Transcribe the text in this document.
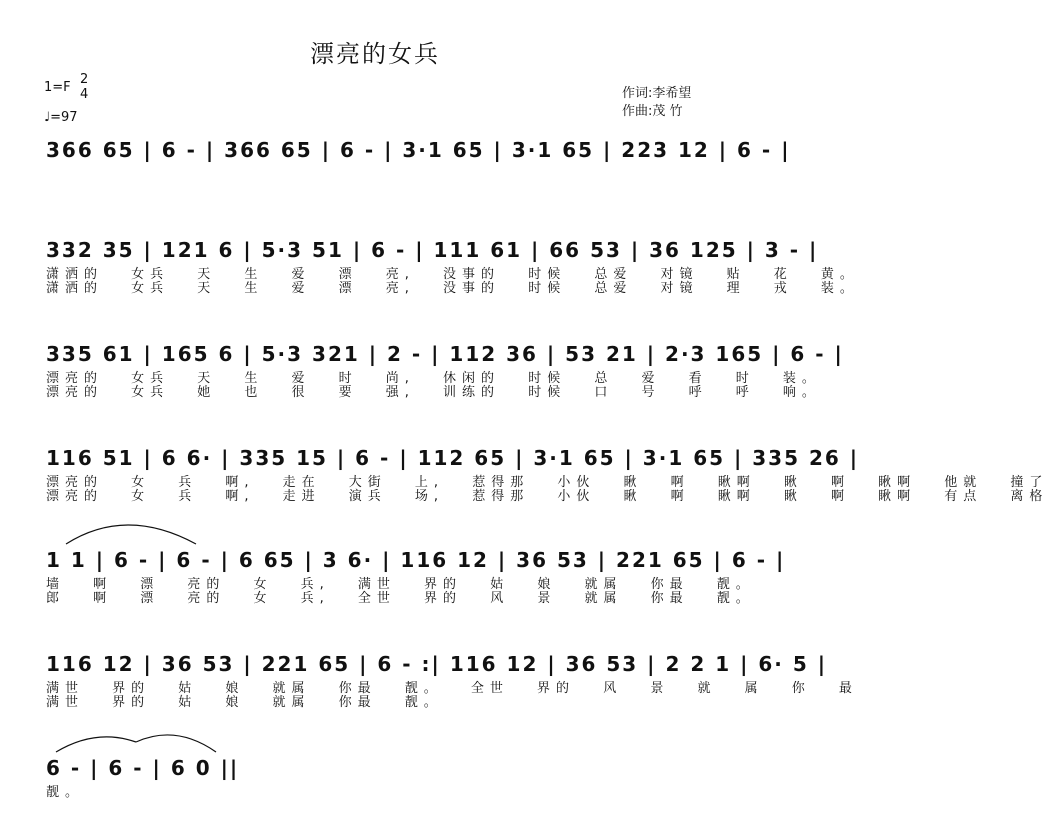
漂亮的女兵
1=F
2
4
♩=97
作词:李希望
作曲:茂 竹
366 65 | 6 - | 366 65 | 6 - | 3·1 65 | 3·1 65 | 223 12 | 6 - |
332 35 | 121 6 | 5·3 51 | 6 - | 111 61 | 66 53 | 36 125 | 3 - |
潇洒的 女兵 天 生 爱 漂 亮, 没事的 时候 总爱 对镜 贴 花 黄。
潇洒的 女兵 天 生 爱 漂 亮, 没事的 时候 总爱 对镜 理 戎 装。
335 61 | 165 6 | 5·3 321 | 2 - | 112 36 | 53 21 | 2·3 165 | 6 - |
漂亮的 女兵 天 生 爱 时 尚, 休闲的 时候 总 爱 看 时 装。
漂亮的 女兵 她 也 很 要 强, 训练的 时候 口 号 呼 呼 响。
116 51 | 6 6· | 335 15 | 6 - | 112 65 | 3·1 65 | 3·1 65 | 335 26 |
漂亮的 女 兵 啊, 走在 大街 上, 惹得那 小伙 瞅 啊 瞅啊 瞅 啊 瞅啊 他就 撞了
漂亮的 女 兵 啊, 走进 演兵 场, 惹得那 小伙 瞅 啊 瞅啊 瞅 啊 瞅啊 有点 离格
1 1 | 6 - | 6 - | 6 65 | 3 6· | 116 12 | 36 53 | 221 65 | 6 - |
墙 啊 漂 亮的 女 兵, 满世 界的 姑 娘 就属 你最 靓。
郎 啊 漂 亮的 女 兵, 全世 界的 风 景 就属 你最 靓。
116 12 | 36 53 | 221 65 | 6 - :| 116 12 | 36 53 | 2 2 1 | 6· 5 |
满世 界的 姑 娘 就属 你最 靓。 全世 界的 风 景 就 属 你 最
满世 界的 姑 娘 就属 你最 靓。
6 - | 6 - | 6 0 ||
靓。
